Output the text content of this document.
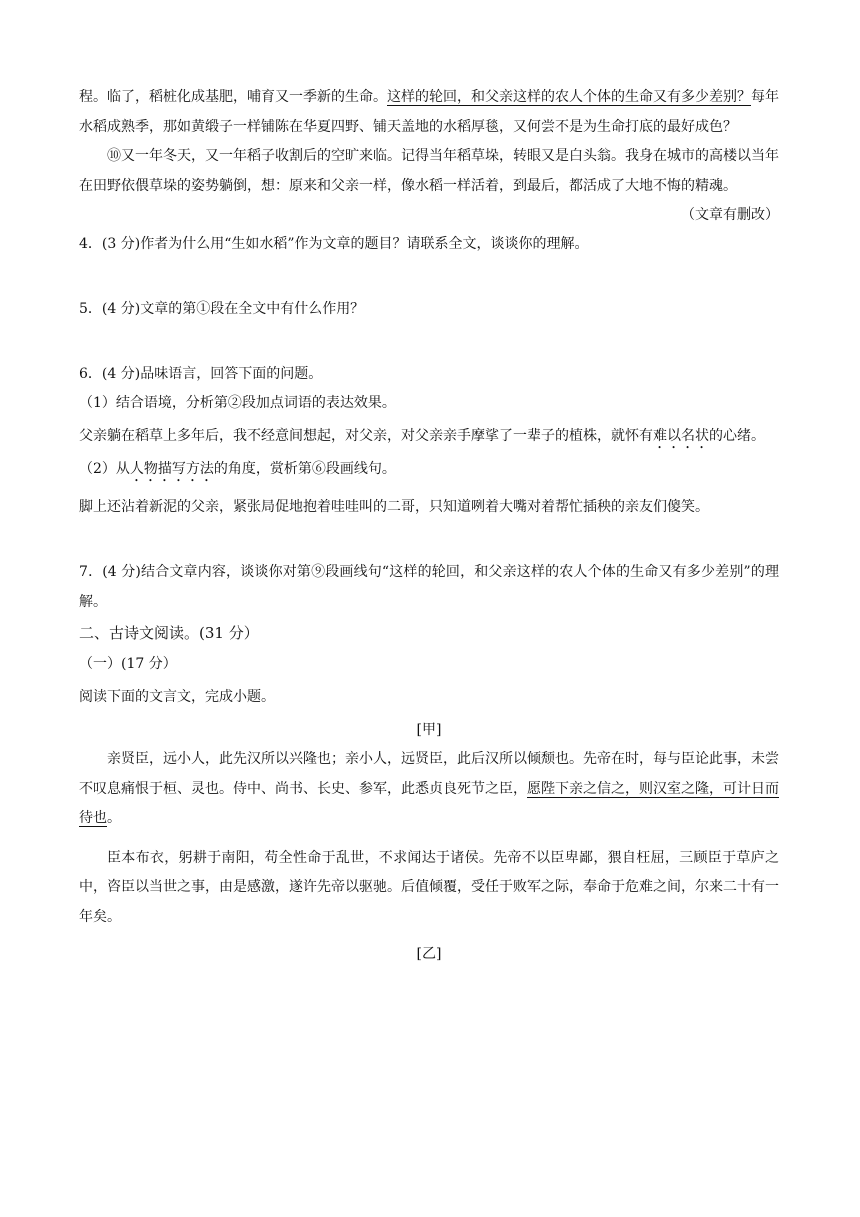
程。临了，稻桩化成基肥，哺育又一季新的生命。这样的轮回，和父亲这样的农人个体的生命又有多少差别？每年水稻成熟季，那如黄缎子一样铺陈在华夏四野、铺天盖地的水稻厚毯，又何尝不是为生命打底的最好成色？

⑩又一年冬天，又一年稻子收割后的空旷来临。记得当年稻草垛，转眼又是白头翁。我身在城市的高楼以当年在田野依偎草垛的姿势躺倒，想：原来和父亲一样，像水稻一样活着，到最后，都活成了大地不悔的精魂。

（文章有删改）

4．(3 分)作者为什么用“生如水稻”作为文章的题目？请联系全文，谈谈你的理解。

5．(4 分)文章的第①段在全文中有什么作用？

6．(4 分)品味语言，回答下面的问题。

（1）结合语境，分析第②段加点词语的表达效果。

父亲躺在稻草上多年后，我不经意间想起，对父亲，对父亲亲手摩挲了一辈子的植株，就怀有难以名状的心绪。

（2）从人物描写方法的角度，赏析第⑥段画线句。

脚上还沾着新泥的父亲，紧张局促地抱着哇哇叫的二哥，只知道咧着大嘴对着帮忙插秧的亲友们傻笑。

7．(4 分)结合文章内容，谈谈你对第⑨段画线句“这样的轮回，和父亲这样的农人个体的生命又有多少差别”的理解。

二、古诗文阅读。(31 分）

（一）(17 分）

阅读下面的文言文，完成小题。

[甲]

亲贤臣，远小人，此先汉所以兴隆也；亲小人，远贤臣，此后汉所以倾颓也。先帝在时，每与臣论此事，未尝不叹息痛恨于桓、灵也。侍中、尚书、长史、参军，此悉贞良死节之臣，愿陛下亲之信之，则汉室之隆，可计日而待也。

臣本布衣，躬耕于南阳，苟全性命于乱世，不求闻达于诸侯。先帝不以臣卑鄙，猥自枉屈，三顾臣于草庐之中，咨臣以当世之事，由是感激，遂许先帝以驱驰。后值倾覆，受任于败军之际，奉命于危难之间，尔来二十有一年矣。

[乙]
